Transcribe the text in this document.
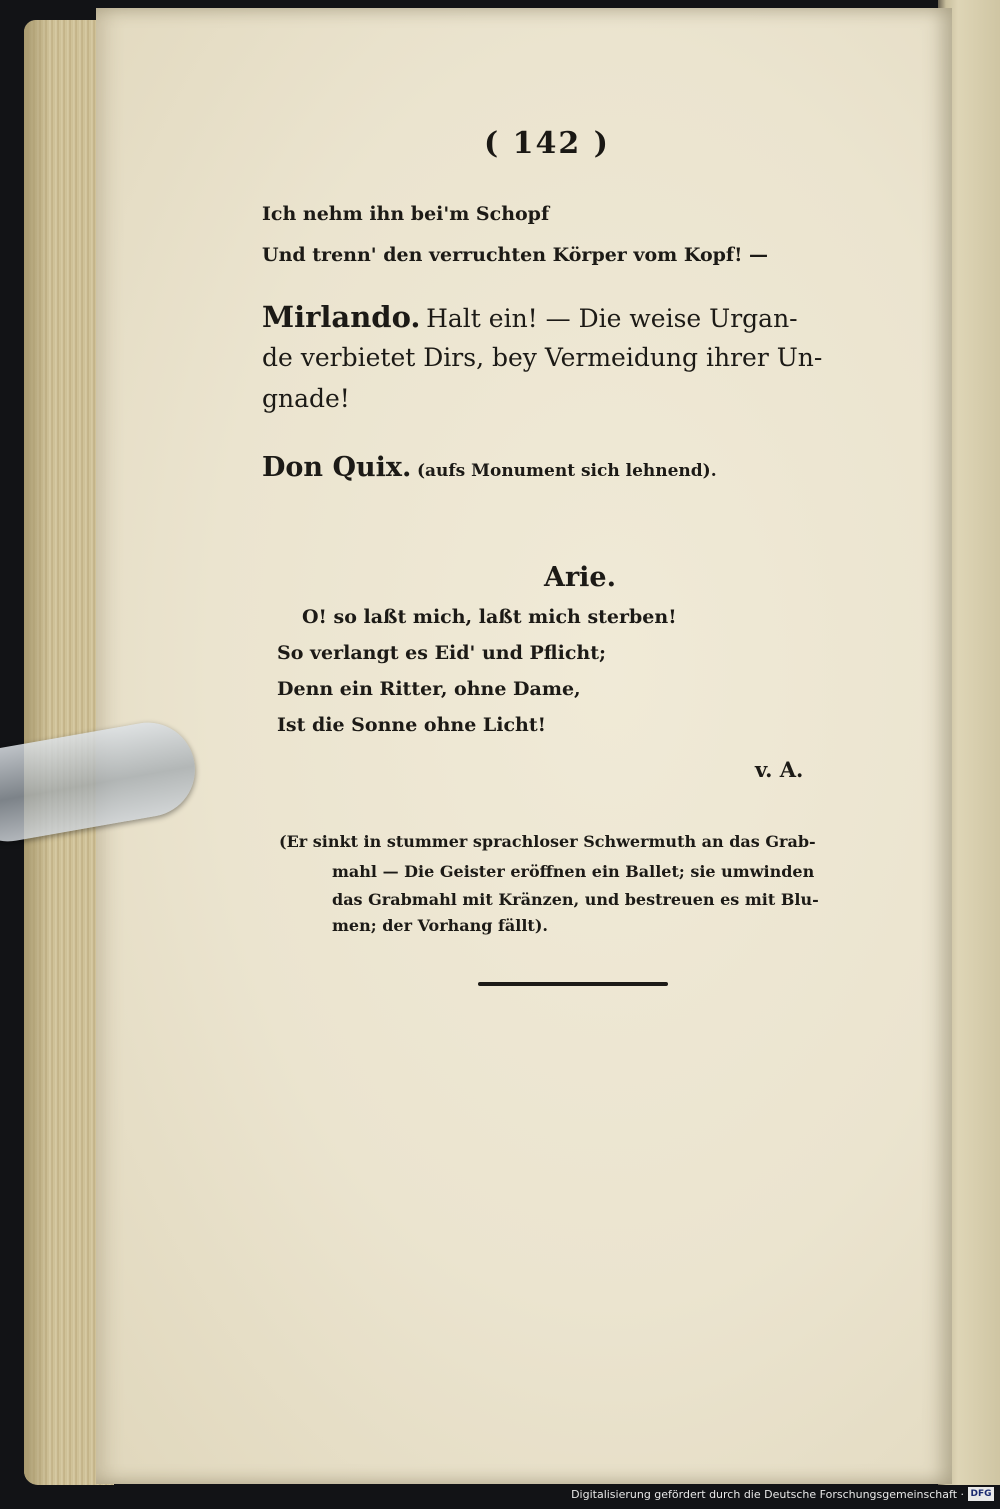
( 142 )
Ich nehm ihn bei'm Schopf
Und trenn' den verruchten Körper vom Kopf! —
Mirlando. Halt ein! — Die weise Urgan-
de verbietet Dirs, bey Vermeidung ihrer Un-
gnade!
Don Quix. (aufs Monument sich lehnend).
Arie.
O! so laßt mich, laßt mich sterben!
So verlangt es Eid' und Pflicht;
Denn ein Ritter, ohne Dame,
Ist die Sonne ohne Licht!
v. A.
(Er sinkt in stummer sprachloser Schwermuth an das Grab-
mahl — Die Geister eröffnen ein Ballet; sie umwinden
das Grabmahl mit Kränzen, und bestreuen es mit Blu-
men; der Vorhang fällt).
Digitalisierung gefördert durch die Deutsche Forschungsgemeinschaft · DFG
